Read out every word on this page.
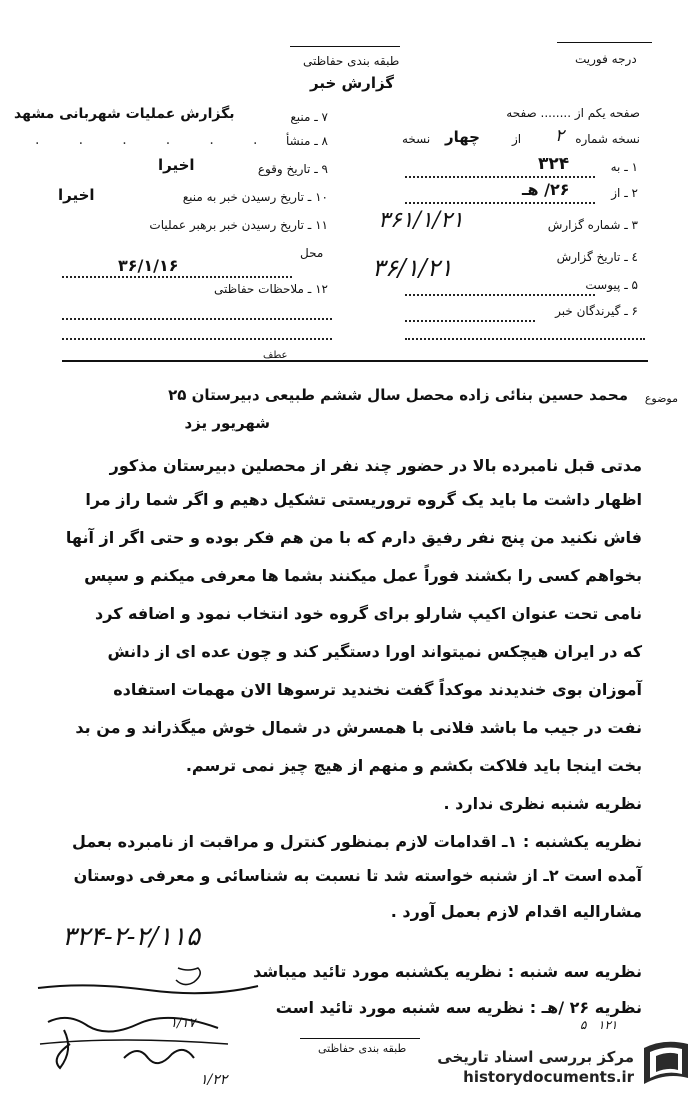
درجه فوریت
طبقه بندی حفاظتی
گزارش خبر
صفحه یکم از ........ صفحه
نسخه شماره
۲
از
چهار
نسخه
۱ ـ به
۳۲۴
۲ ـ از
۲۶/ هـ
۳ ـ شماره گزارش
۳۶۱/۱/۲۱
٤ ـ تاریخ گزارش
۳۶/۱/۲۱
۵ ـ پیوست
۶ ـ گیرندگان خبر
۷ ـ منبع
بگزارش عملیات شهربانی مشهد
۸ ـ منشأ
.       .       .       .       .       .
۹ ـ تاریخ وقوع
اخیرا
۱۰ ـ تاریخ رسیدن خبر به منبع
اخیرا
۱۱ ـ تاریخ رسیدن خبر برهبر عملیات
محل
۳۶/۱/۱۶
۱۲ ـ ملاحظات حفاظتی
عطف
موضوع
محمد حسین بنائی زاده محصل سال ششم طبیعی دبیرستان ۲۵
شهریور یزد
مدتی قبل نامبرده بالا در حضور چند نفر از محصلین دبیرستان مذکور
اظهار داشت ما باید یک گروه تروریستی تشکیل دهیم و اگر شما راز مرا
فاش نکنید من پنج نفر رفیق دارم که با من هم فکر بوده و حتی اگر از آنها
بخواهم کسی را بکشند فوراً عمل میکنند بشما ها معرفی میکنم و سپس
نامی تحت عنوان اکیپ شارلو برای گروه خود انتخاب نمود و اضافه کرد
که در ایران هیچکس نمیتواند اورا دستگیر کند و چون عده ای از دانش
آموزان بوی خندیدند موکداً گفت نخندید ترسوها الان مهمات استفاده
نفت در جیب ما باشد فلانی با همسرش در شمال خوش میگذراند و من بد
بخت اینجا باید فلاکت بکشم و منهم از هیچ چیز نمی ترسم.
نظریه شنبه نظری ندارد .
نظریه یکشنبه : ۱ـ اقدامات لازم بمنظور کنترل و مراقبت از نامبرده بعمل
آمده است ۲ـ از شنبه خواسته شد تا نسبت به شناسائی و معرفی دوستان
مشارالیه اقدام لازم بعمل آورد .
نظریه سه شنبه : نظریه یکشنبه مورد تائید میباشد
نظریه ۲۶ /هـ : نظریه سه شنبه مورد تائید است
۳۲۴-۲-۲/۱۱۵
۱/۱۷
۱/۲۲
طبقه بندی حفاظتی
۱۲۱
۵
مرکز بررسی اسناد تاریخی
historydocuments.ir
